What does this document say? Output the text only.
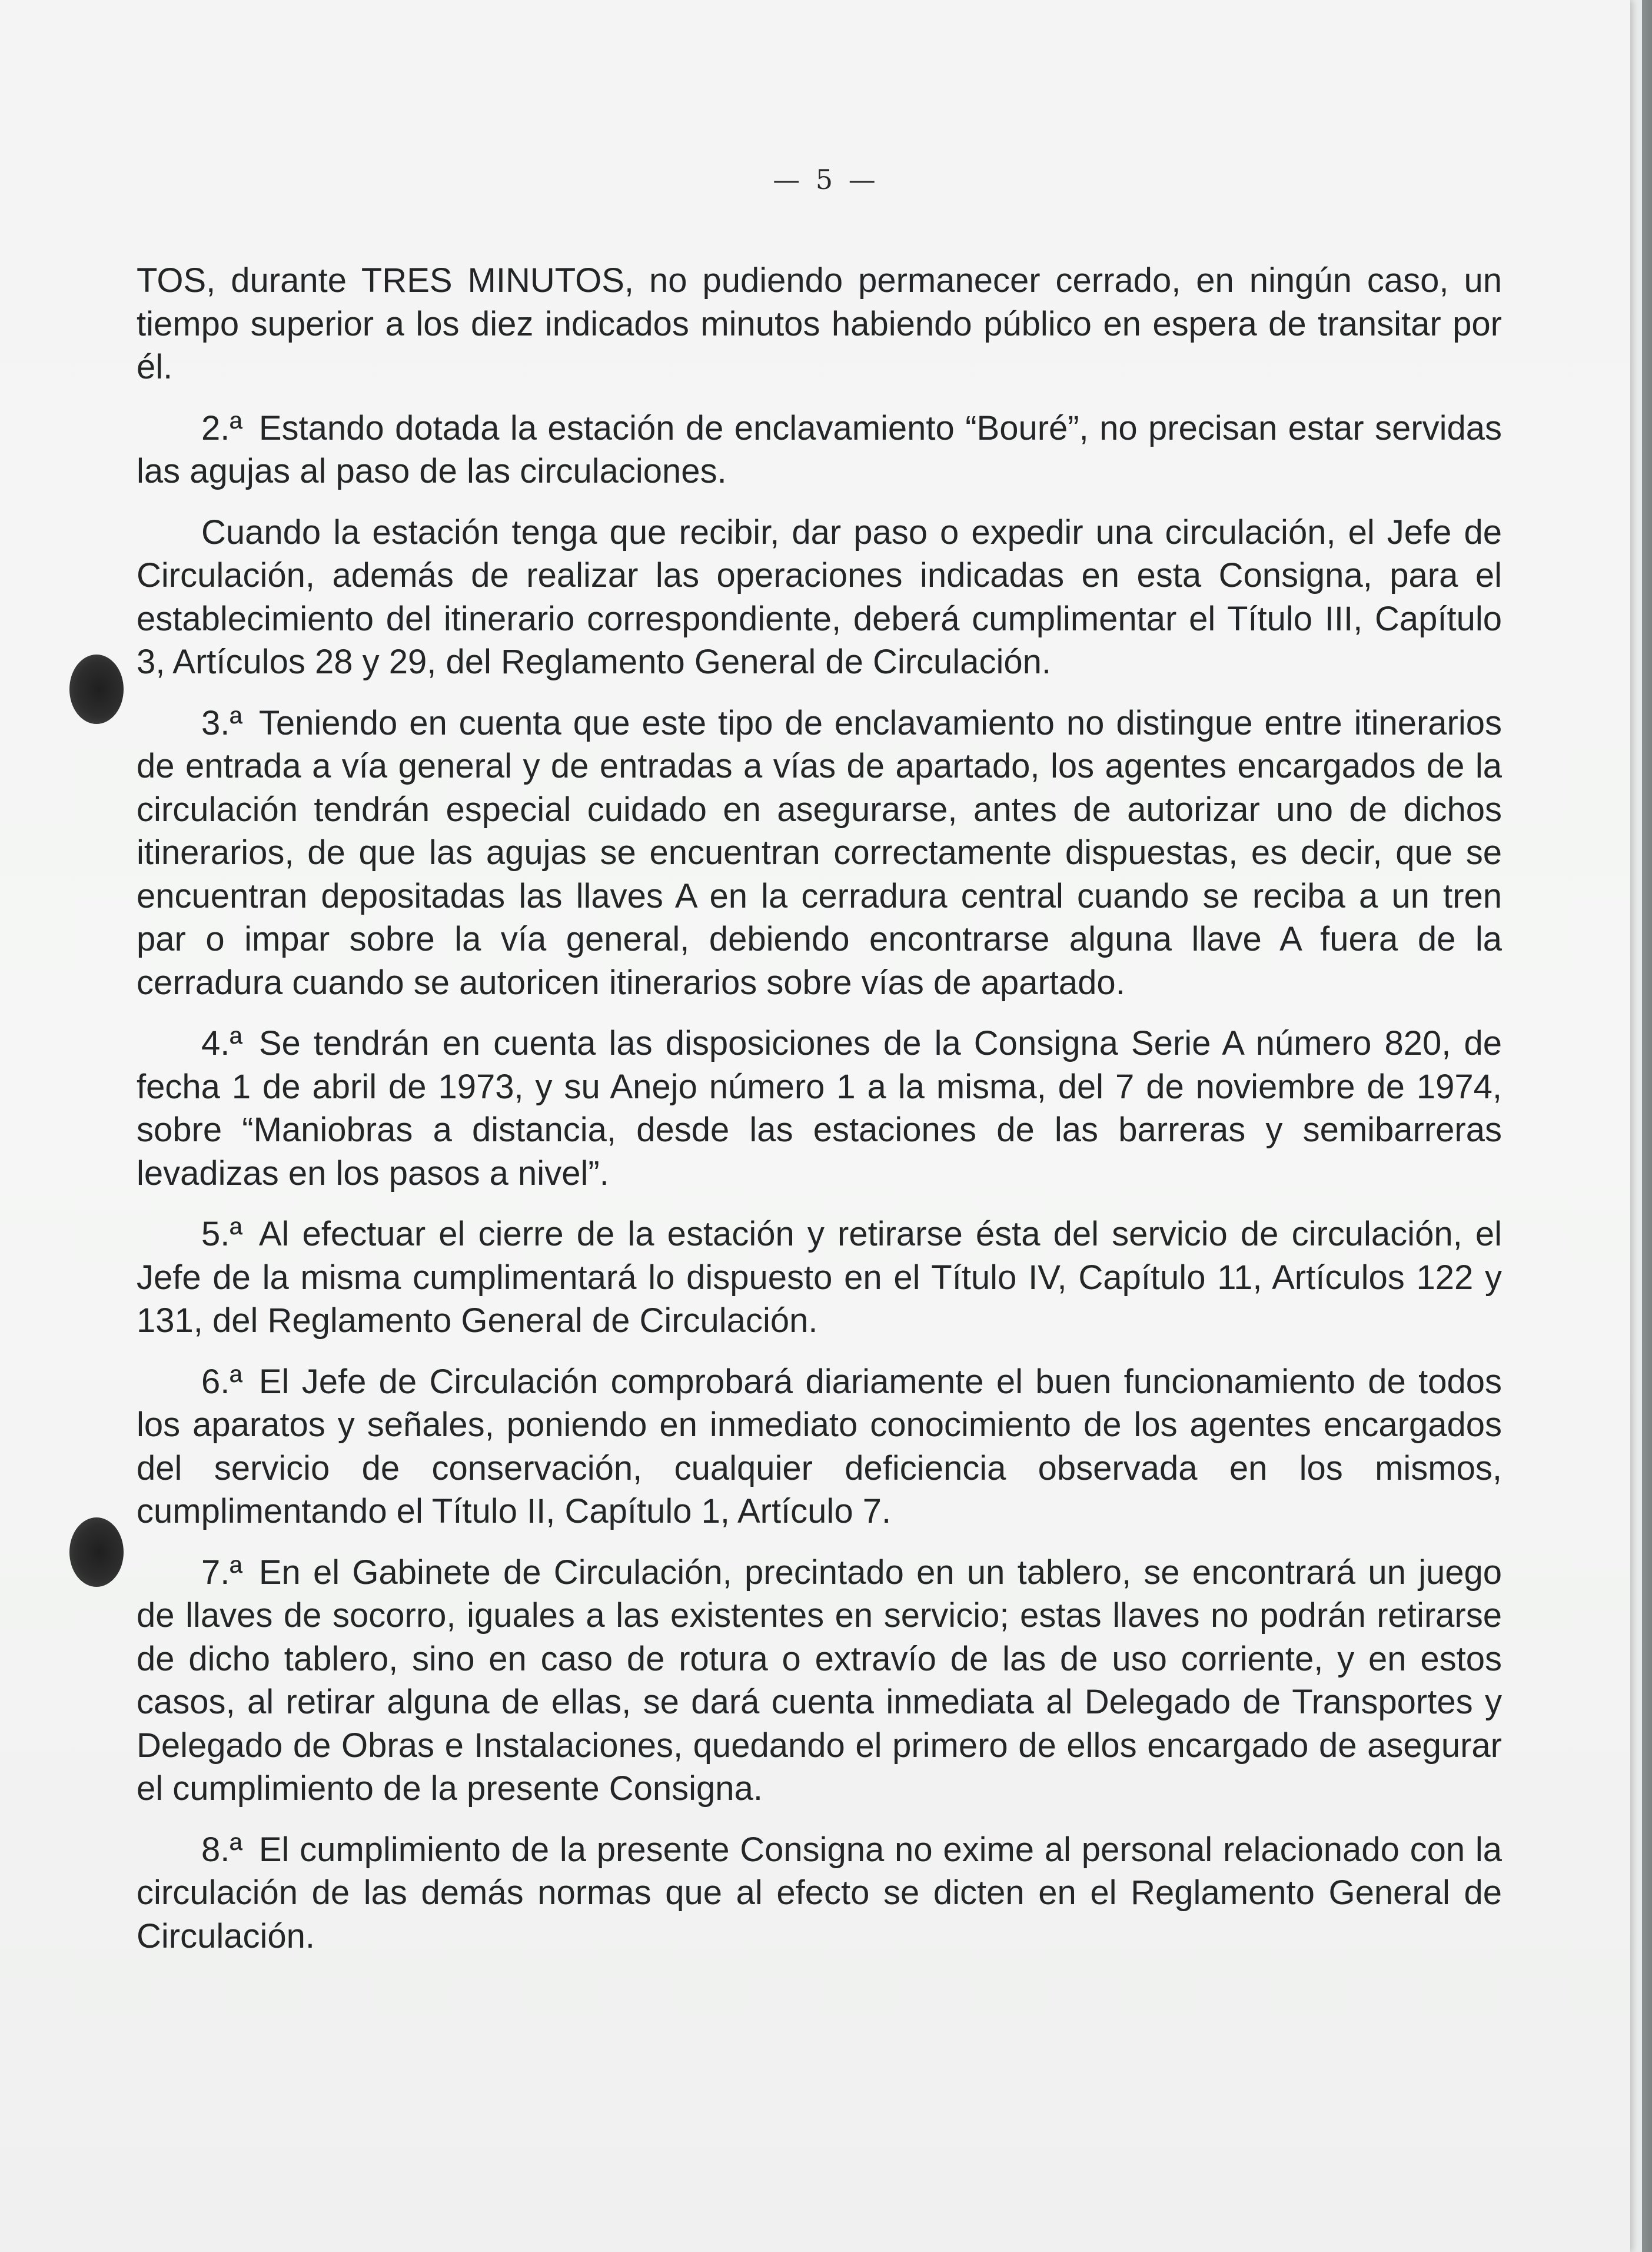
— 5 —

TOS, durante TRES MINUTOS, no pudiendo permanecer cerrado, en ningún caso, un tiempo superior a los diez indicados minutos habiendo público en espera de transitar por él.

2.ª Estando dotada la estación de enclavamiento “Bouré”, no precisan estar servidas las agujas al paso de las circulaciones.

Cuando la estación tenga que recibir, dar paso o expedir una circulación, el Jefe de Circulación, además de realizar las operaciones indicadas en esta Consigna, para el establecimiento del itinerario correspondiente, deberá cumplimentar el Título III, Capítulo 3, Artículos 28 y 29, del Reglamento General de Circulación.

3.ª Teniendo en cuenta que este tipo de enclavamiento no distingue entre itinerarios de entrada a vía general y de entradas a vías de apartado, los agentes encargados de la circulación tendrán especial cuidado en asegurarse, antes de autorizar uno de dichos itinerarios, de que las agujas se encuentran correctamente dispuestas, es decir, que se encuentran depositadas las llaves A en la cerradura central cuando se reciba a un tren par o impar sobre la vía general, debiendo encontrarse alguna llave A fuera de la cerradura cuando se autoricen itinerarios sobre vías de apartado.

4.ª Se tendrán en cuenta las disposiciones de la Consigna Serie A número 820, de fecha 1 de abril de 1973, y su Anejo número 1 a la misma, del 7 de noviembre de 1974, sobre “Maniobras a distancia, desde las estaciones de las barreras y semibarreras levadizas en los pasos a nivel”.

5.ª Al efectuar el cierre de la estación y retirarse ésta del servicio de circulación, el Jefe de la misma cumplimentará lo dispuesto en el Título IV, Capítulo 11, Artículos 122 y 131, del Reglamento General de Circulación.

6.ª El Jefe de Circulación comprobará diariamente el buen funcionamiento de todos los aparatos y señales, poniendo en inmediato conocimiento de los agentes encargados del servicio de conservación, cualquier deficiencia observada en los mismos, cumplimentando el Título II, Capítulo 1, Artículo 7.

7.ª En el Gabinete de Circulación, precintado en un tablero, se encontrará un juego de llaves de socorro, iguales a las existentes en servicio; estas llaves no podrán retirarse de dicho tablero, sino en caso de rotura o extravío de las de uso corriente, y en estos casos, al retirar alguna de ellas, se dará cuenta inmediata al Delegado de Transportes y Delegado de Obras e Instalaciones, quedando el primero de ellos encargado de asegurar el cumplimiento de la presente Consigna.

8.ª El cumplimiento de la presente Consigna no exime al personal relacionado con la circulación de las demás normas que al efecto se dicten en el Reglamento General de Circulación.
